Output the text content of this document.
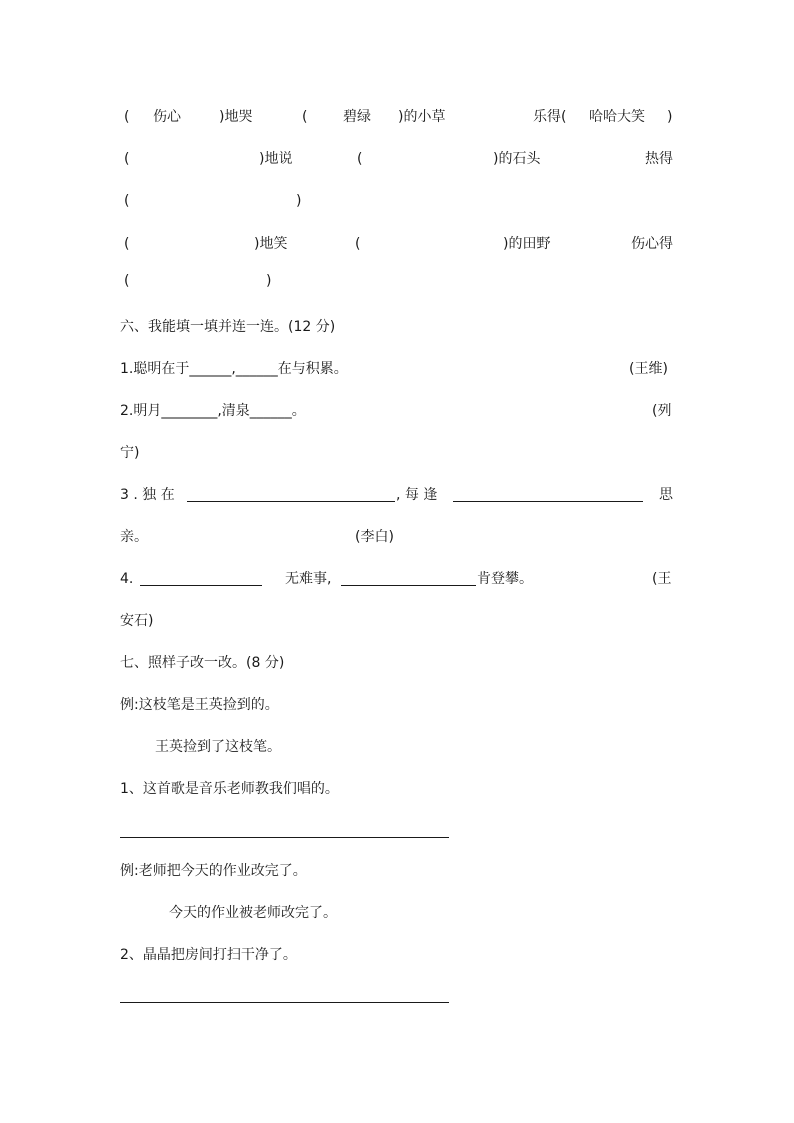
( 伤心	)地哭	(	碧绿 )的小草	乐得( 哈哈大笑 )
(	)地说	(	)的石头	热得
(	)
(	)地笑	(	)的田野	伤心得
(	)
六、我能填一填并连一连。(12 分)
1.聪明在于______,______在与积累。	(王维)
2.明月________,清泉______。	(列
宁)
3 . 独 在	, 每 逢	思
亲。	(李白)
4.	无难事,	肯登攀。	(王
安石)
七、照样子改一改。(8 分)
例:这枝笔是王英捡到的。
王英捡到了这枝笔。
1、这首歌是音乐老师教我们唱的。
例:老师把今天的作业改完了。
今天的作业被老师改完了。
2、晶晶把房间打扫干净了。
